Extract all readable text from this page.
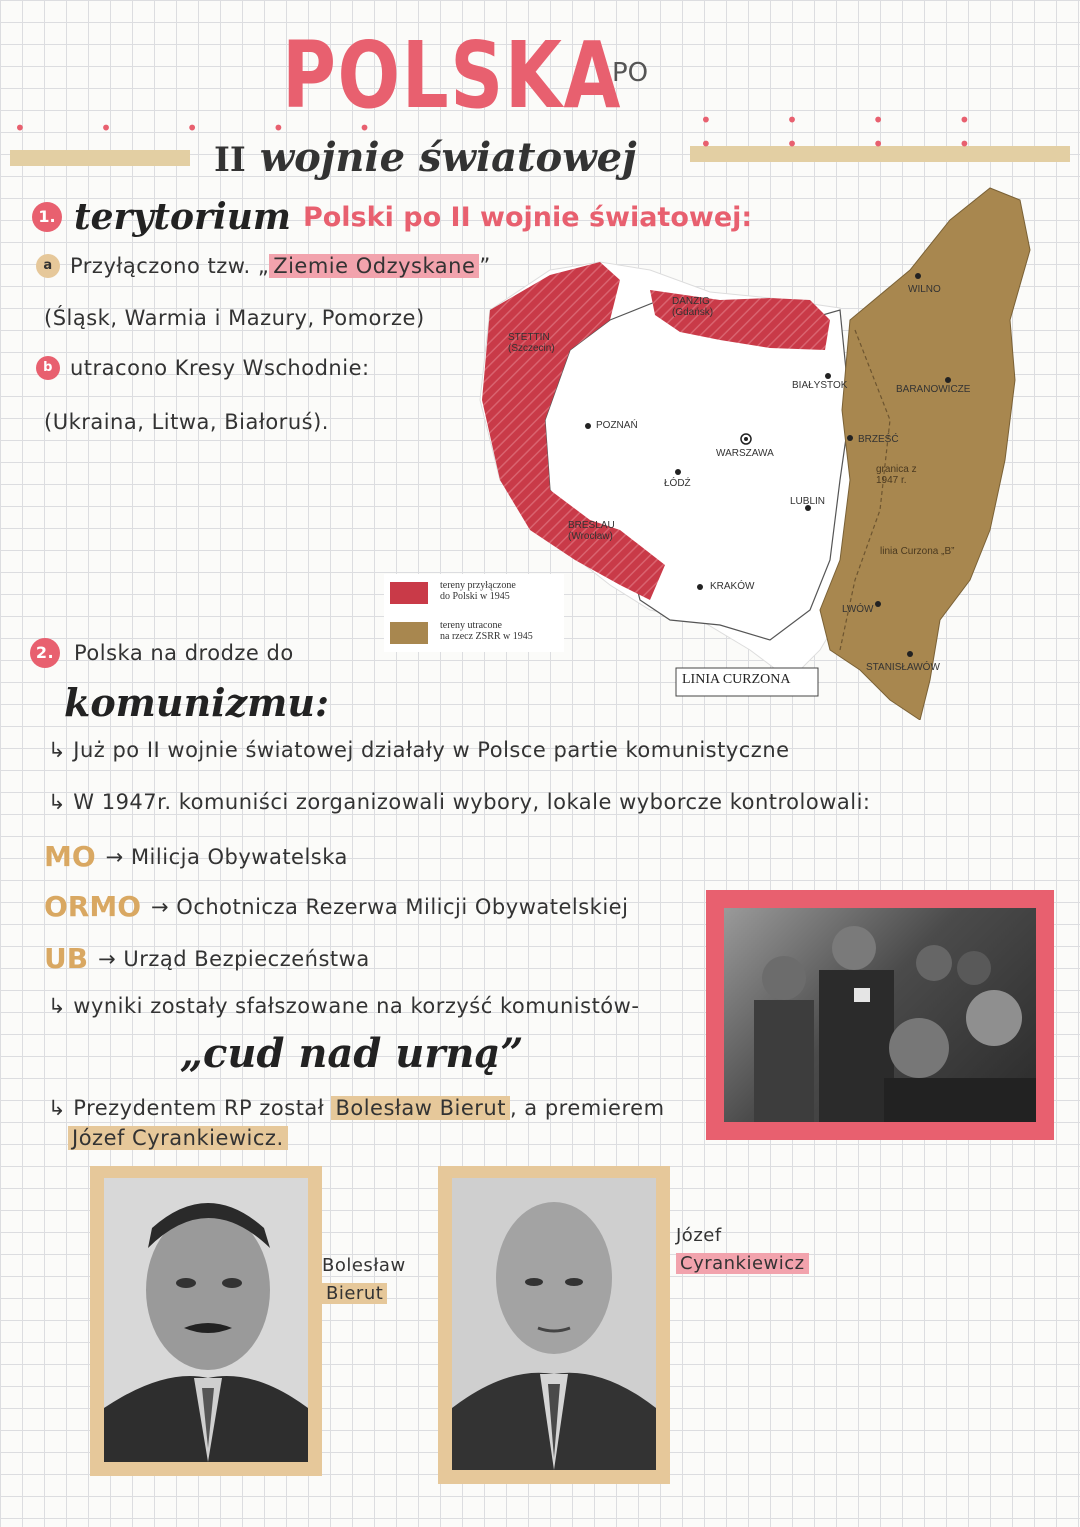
POLSKA
PO
• • • • •	• • • • • • • •
II wojnie światowej
1. terytorium Polski po II wojnie światowej:
a Przyłączono tzw. „ Ziemie Odzyskane ”
(Śląsk, Warmia i Mazury, Pomorze)
b utracono Kresy Wschodnie:
(Ukraina, Litwa, Białoruś).
STETTIN
(Szczecin)
DANZIG
(Gdańsk)
POZNAŃ
WARSZAWA
ŁÓDŹ
BRESLAU
(Wrocław)
KRAKÓW
LUBLIN
BIAŁYSTOK
WILNO
BARANOWICZE
BRZEŚĆ
LWÓW
STANISŁAWÓW
granica z 1947 r.
linia Curzona „B”
LINIA CURZONA
tereny przyłączone
do Polski w 1945
tereny utracone
na rzecz ZSRR w 1945
2. Polska na drodze do
komunizmu:
↳ Już po II wojnie światowej działały w Polsce partie komunistyczne
↳ W 1947r. komuniści zorganizowali wybory, lokale wyborcze kontrolowali:
MO → Milicja Obywatelska
ORMO → Ochotnicza Rezerwa Milicji Obywatelskiej
UB → Urząd Bezpieczeństwa
↳ wyniki zostały sfałszowane na korzyść komunistów-
„cud nad urną”
↳ Prezydentem RP został Bolesław Bierut , a premierem
Józef Cyrankiewicz.
Bolesław
Bierut
Józef
Cyrankiewicz
